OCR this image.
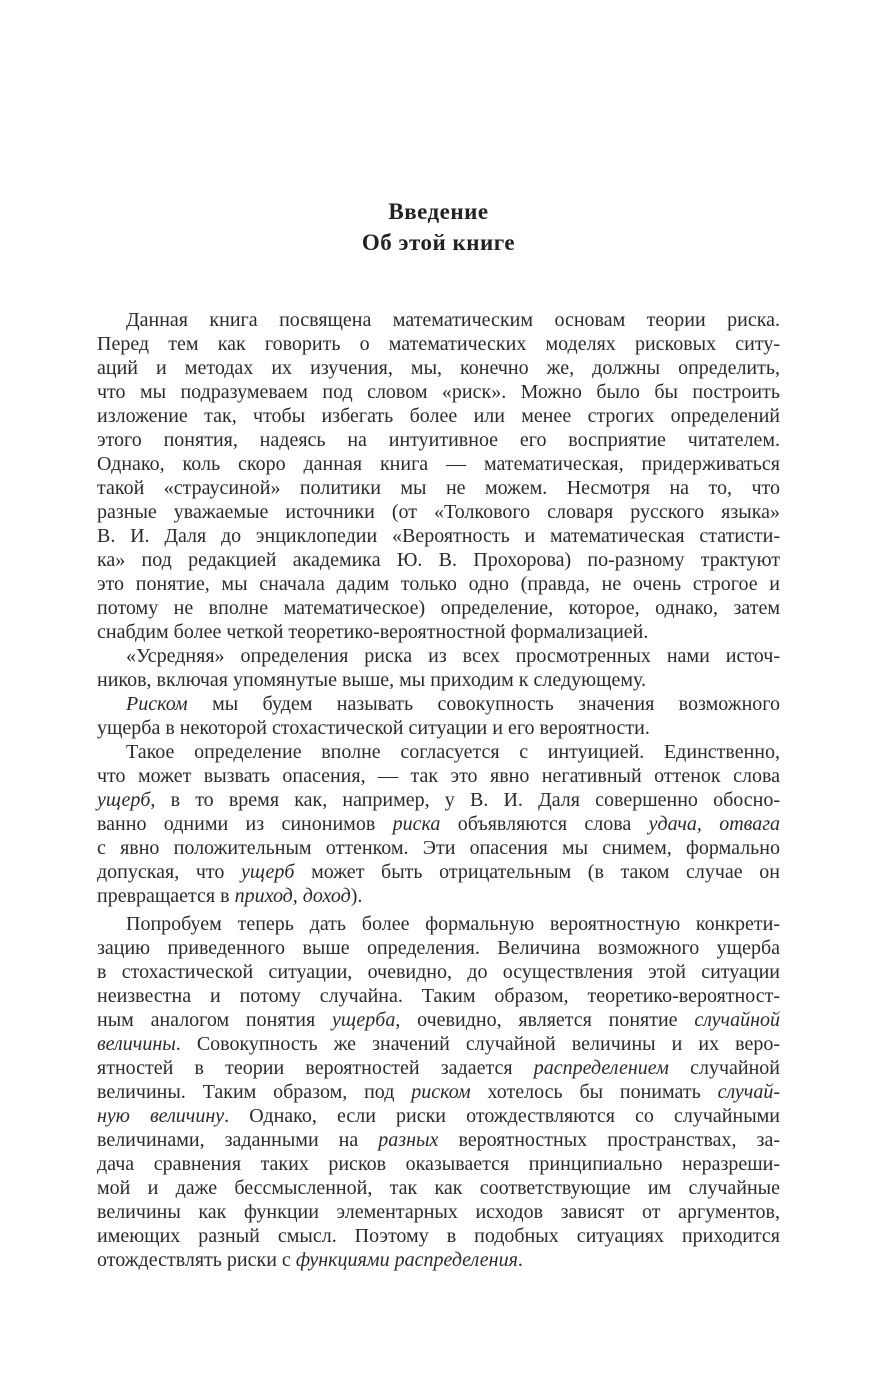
Введение
Об этой книге
Данная книга посвящена математическим основам теории риска.
Перед тем как говорить о математических моделях рисковых ситу-
аций и методах их изучения, мы, конечно же, должны определить,
что мы подразумеваем под словом «риск». Можно было бы построить
изложение так, чтобы избегать более или менее строгих определений
этого понятия, надеясь на интуитивное его восприятие читателем.
Однако, коль скоро данная книга — математическая, придерживаться
такой «страусиной» политики мы не можем. Несмотря на то, что
разные уважаемые источники (от «Толкового словаря русского языка»
В. И. Даля до энциклопедии «Вероятность и математическая статисти-
ка» под редакцией академика Ю. В. Прохорова) по-разному трактуют
это понятие, мы сначала дадим только одно (правда, не очень строгое и
потому не вполне математическое) определение, которое, однако, затем
снабдим более четкой теоретико-вероятностной формализацией.
«Усредняя» определения риска из всех просмотренных нами источ-
ников, включая упомянутые выше, мы приходим к следующему.
Риском мы будем называть совокупность значения возможного
ущерба в некоторой стохастической ситуации и его вероятности.
Такое определение вполне согласуется с интуицией. Единственно,
что может вызвать опасения, — так это явно негативный оттенок слова
ущерб, в то время как, например, у В. И. Даля совершенно обосно-
ванно одними из синонимов риска объявляются слова удача, отвага
с явно положительным оттенком. Эти опасения мы снимем, формально
допуская, что ущерб может быть отрицательным (в таком случае он
превращается в приход, доход).
Попробуем теперь дать более формальную вероятностную конкрети-
зацию приведенного выше определения. Величина возможного ущерба
в стохастической ситуации, очевидно, до осуществления этой ситуации
неизвестна и потому случайна. Таким образом, теоретико-вероятност-
ным аналогом понятия ущерба, очевидно, является понятие случайной
величины. Совокупность же значений случайной величины и их веро-
ятностей в теории вероятностей задается распределением случайной
величины. Таким образом, под риском хотелось бы понимать случай-
ную величину. Однако, если риски отождествляются со случайными
величинами, заданными на разных вероятностных пространствах, за-
дача сравнения таких рисков оказывается принципиально неразреши-
мой и даже бессмысленной, так как соответствующие им случайные
величины как функции элементарных исходов зависят от аргументов,
имеющих разный смысл. Поэтому в подобных ситуациях приходится
отождествлять риски с функциями распределения.
